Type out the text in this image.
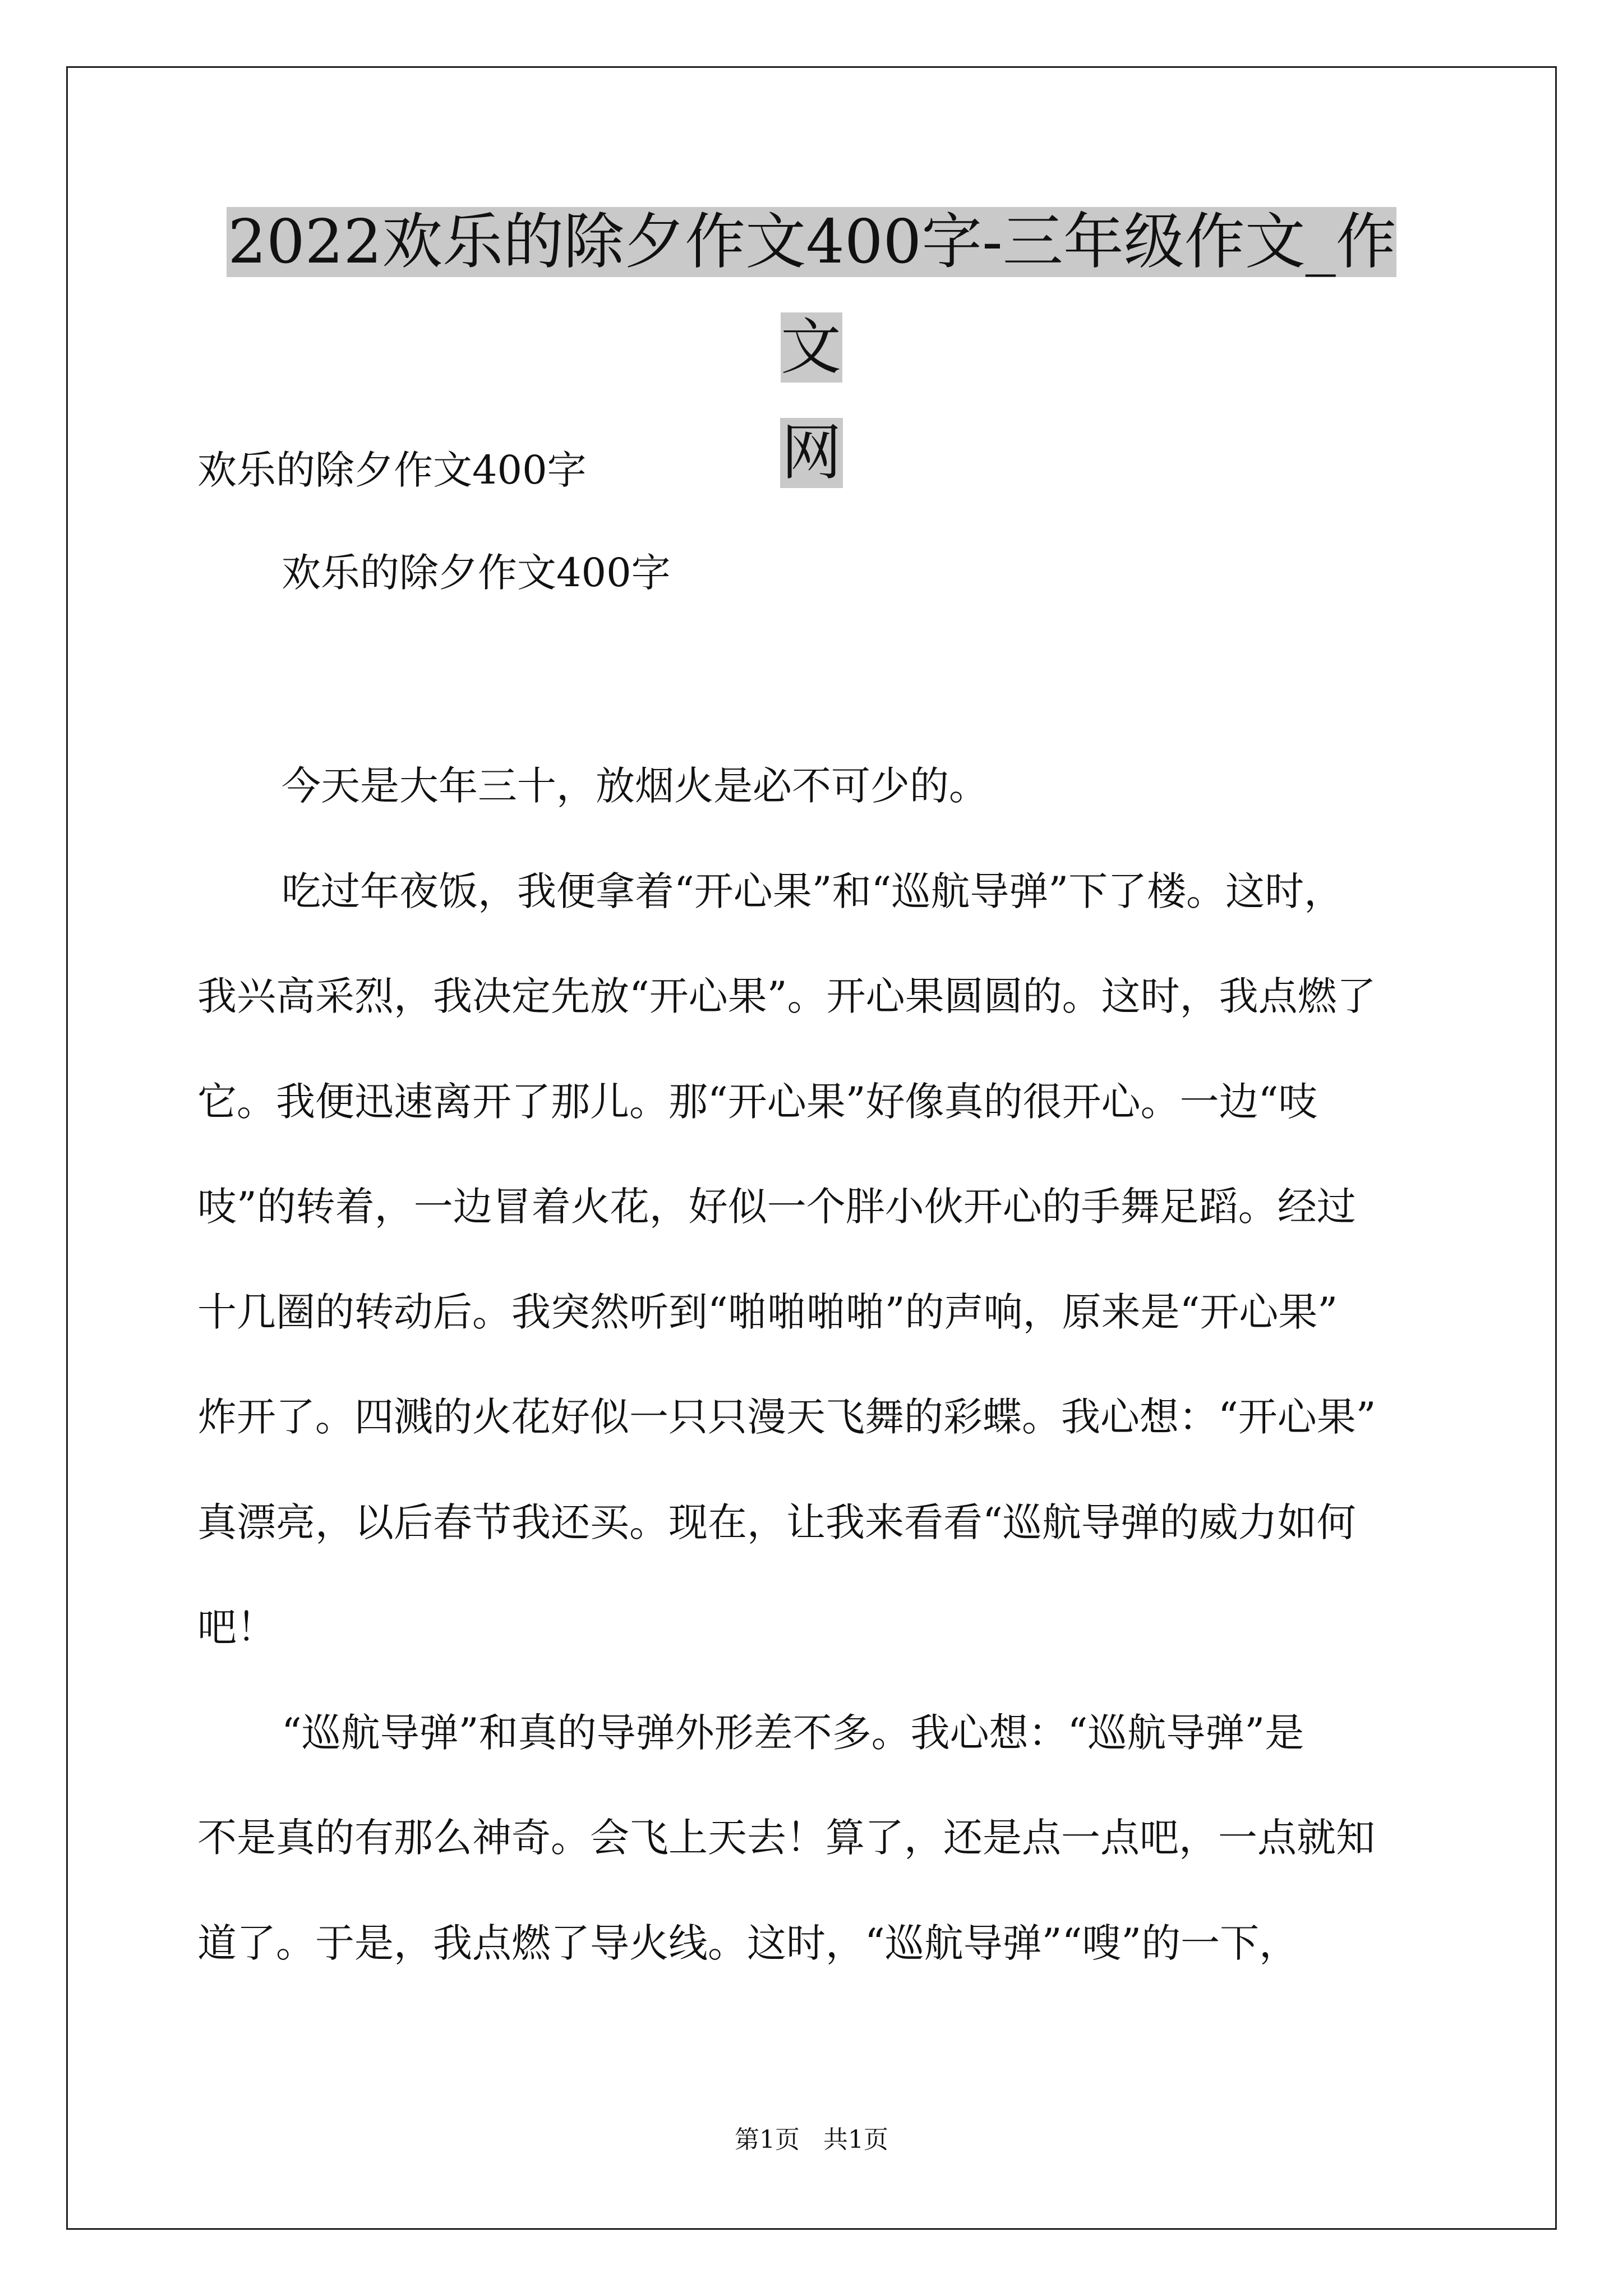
2022欢乐的除夕作文400字-三年级作文_作文
网

欢乐的除夕作文400字

欢乐的除夕作文400字

今天是大年三十，放烟火是必不可少的。

吃过年夜饭，我便拿着“开心果”和“巡航导弹”下了楼。这时，

我兴高采烈，我决定先放“开心果”。开心果圆圆的。这时，我点燃了

它。我便迅速离开了那儿。那“开心果”好像真的很开心。一边“吱

吱”的转着，一边冒着火花，好似一个胖小伙开心的手舞足蹈。经过

十几圈的转动后。我突然听到“啪啪啪啪”的声响，原来是“开心果”

炸开了。四溅的火花好似一只只漫天飞舞的彩蝶。我心想：“开心果”

真漂亮，以后春节我还买。现在，让我来看看“巡航导弹的威力如何

吧！

“巡航导弹”和真的导弹外形差不多。我心想：“巡航导弹”是

不是真的有那么神奇。会飞上天去！算了，还是点一点吧，一点就知

道了。于是，我点燃了导火线。这时，“巡航导弹”“嗖”的一下，

第1页   共1页
